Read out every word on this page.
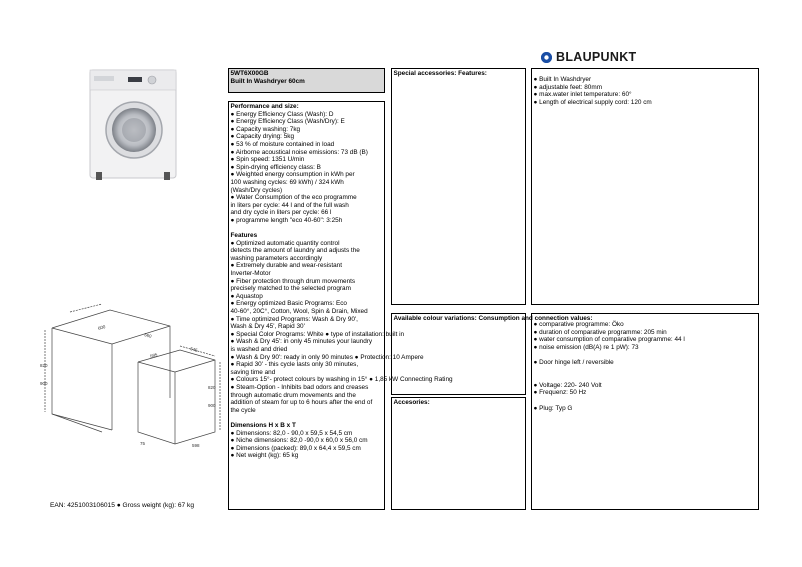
BLAUPUNKT
600
560
545
595
820
900
598
820
900
75
EAN: 4251003106015 ● Gross weight (kg): 67 kg
5WT6X00GB
Built In Washdryer 60cm
Performance and size:
● Energy Efficiency Class (Wash): D
● Energy Efficiency Class (Wash/Dry): E
● Capacity washing: 7kg
● Capacity drying: 5kg
● 53 % of moisture contained in load
● Airborne acoustical noise emissions: 73 dB (B)
● Spin speed: 1351 U/min
● Spin-drying efficiency class: B
● Weighted energy consumption in kWh per
100 washing cycles: 69 kWh) / 324 kWh
(Wash/Dry cycles)
● Water Consumption of the eco programme
in liters per cycle: 44 l and of the full wash
and dry cycle in liters per cycle: 66 l
● programme length "eco 40-60": 3:25h
Features
● Optimized automatic quantity control
detects the amount of laundry and adjusts the
washing parameters accordingly
● Extremely durable and wear-resistant
Inverter-Motor
● Fiber protection through drum movements
precisely matched to the selected program
● Aquastop
● Energy optimized Basic Programs: Eco
40-60°, 20C°, Cotton, Wool, Spin & Drain, Mixed
● Time optimized Programs: Wash & Dry 90',
Wash & Dry 45', Rapid 30'
● Special Color Programs: White ● type of installation: built in
● Wash & Dry 45': in only 45 minutes your laundry
is washed and dried
● Wash & Dry 90': ready in only 90 minutes ● Protection: 10 Ampere
● Rapid 30' - this cycle lasts only 30 minutes,
saving time and
● Colours 15°- protect colours by washing in 15° ● 1,85 kW Connecting Rating
● Steam-Option - Inhibits bad odors and creases
through automatic drum movements and the
addition of steam for up to 6 hours after the end of
the cycle
Dimensions H x B x T
● Dimensions: 82,0 - 90,0 x 59,5 x 54,5 cm
● Niche dimensions: 82,0 -90,0 x 60,0 x 56,0 cm
● Dimensions (packed): 89,0 x 64,4 x 59,5 cm
● Net weight (kg): 65 kg
Special accessories: Features:
● Built In Washdryer
● adjustable feet: 80mm
● max.water inlet temperature: 60°
● Length of electrical supply cord: 120 cm
Available colour variations: Consumption and connection values:
Accesories:
● comparative programme: Öko
● duration of comparative programme: 205 min
● water consumption of comparative programme: 44 l
● noise emission (dB(A) re 1 pW): 73
● Door hinge left / reversible
● Voltage: 220- 240 Volt
● Frequenz: 50 Hz
● Plug: Typ G
